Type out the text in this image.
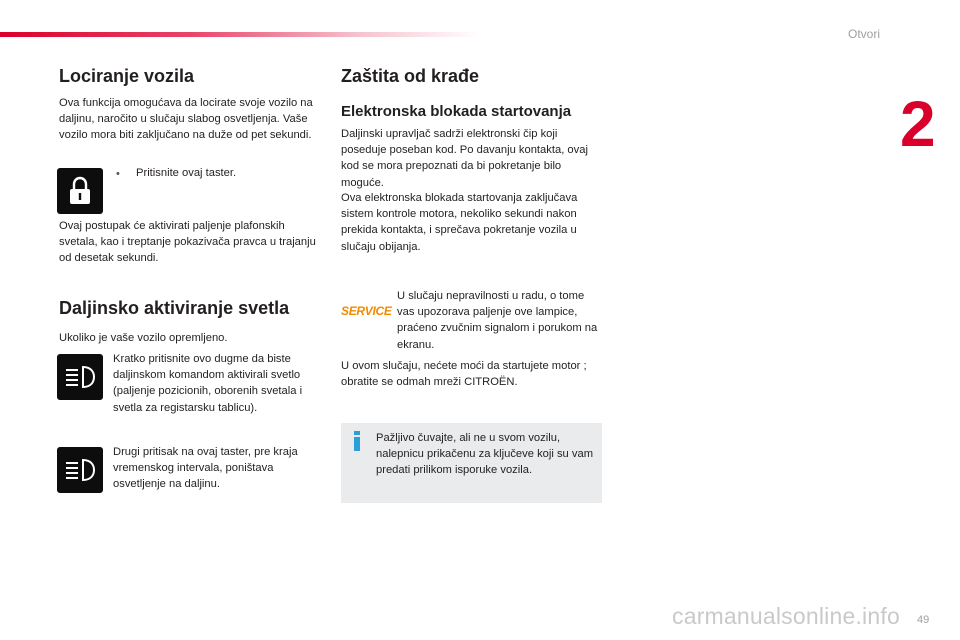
Otvori
2
Lociranje vozila

Ova funkcija omogućava da locirate svoje vozilo na daljinu, naročito u slučaju slabog osvetljenja. Vaše vozilo mora biti zaključano na duže od pet sekundi.

• Pritisnite ovaj taster.

Ovaj postupak će aktivirati paljenje plafonskih svetala, kao i treptanje pokazivača pravca u trajanju od desetak sekundi.

Daljinsko aktiviranje svetla

Ukoliko je vaše vozilo opremljeno.

Kratko pritisnite ovo dugme da biste daljinskom komandom aktivirali svetlo (paljenje pozicionih, oborenih svetala i svetla za registarsku tablicu).

Drugi pritisak na ovaj taster, pre kraja vremenskog intervala, poništava osvetljenje na daljinu.

Zaštita od krađe
Elektronska blokada startovanja

Daljinski upravljač sadrži elektronski čip koji poseduje poseban kod. Po davanju kontakta, ovaj kod se mora prepoznati da bi pokretanje bilo moguće.

Ova elektronska blokada startovanja zaključava sistem kontrole motora, nekoliko sekundi nakon prekida kontakta, i sprečava pokretanje vozila u slučaju obijanja.

SERVICE

U slučaju nepravilnosti u radu, o tome vas upozorava paljenje ove lampice, praćeno zvučnim signalom i porukom na ekranu.

U ovom slučaju, nećete moći da startujete motor ; obratite se odmah mreži CITROËN.

Pažljivo čuvajte, ali ne u svom vozilu, nalepnicu prikačenu za ključeve koji su vam predati prilikom isporuke vozila.

49
carmanualsonline.info
